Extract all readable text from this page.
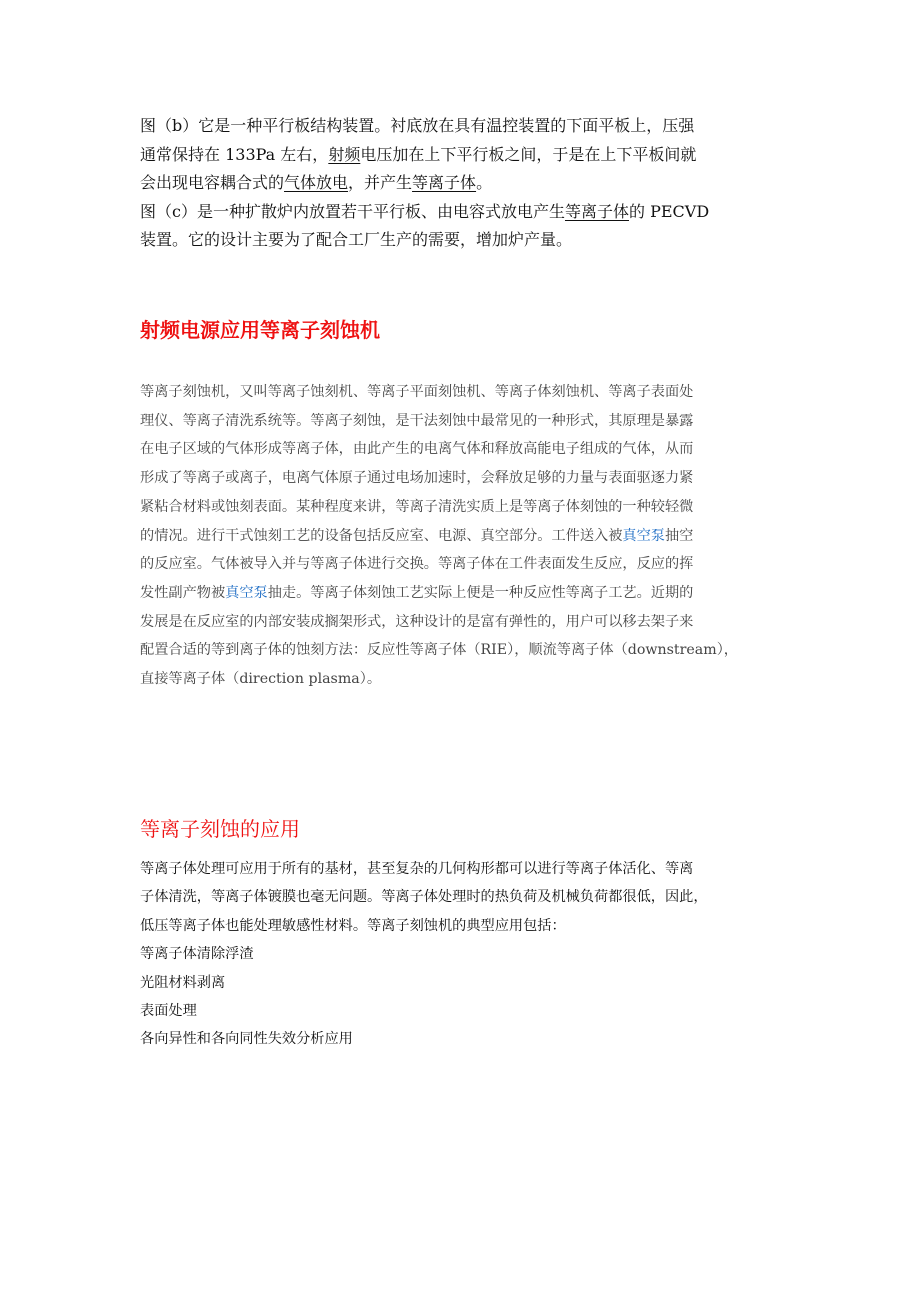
图（b）它是一种平行板结构装置。衬底放在具有温控装置的下面平板上，压强
通常保持在 133Pa 左右，射频电压加在上下平行板之间，于是在上下平板间就
会出现电容耦合式的气体放电，并产生等离子体。
图（c）是一种扩散炉内放置若干平行板、由电容式放电产生等离子体的 PECVD
装置。它的设计主要为了配合工厂生产的需要，增加炉产量。
射频电源应用等离子刻蚀机
等离子刻蚀机，又叫等离子蚀刻机、等离子平面刻蚀机、等离子体刻蚀机、等离子表面处
理仪、等离子清洗系统等。等离子刻蚀，是干法刻蚀中最常见的一种形式，其原理是暴露
在电子区域的气体形成等离子体，由此产生的电离气体和释放高能电子组成的气体，从而
形成了等离子或离子，电离气体原子通过电场加速时，会释放足够的力量与表面驱逐力紧
紧粘合材料或蚀刻表面。某种程度来讲，等离子清洗实质上是等离子体刻蚀的一种较轻微
的情况。进行干式蚀刻工艺的设备包括反应室、电源、真空部分。工件送入被真空泵抽空
的反应室。气体被导入并与等离子体进行交换。等离子体在工件表面发生反应，反应的挥
发性副产物被真空泵抽走。等离子体刻蚀工艺实际上便是一种反应性等离子工艺。近期的
发展是在反应室的内部安装成搁架形式，这种设计的是富有弹性的，用户可以移去架子来
配置合适的等到离子体的蚀刻方法：反应性等离子体（RIE），顺流等离子体（downstream），
直接等离子体（direction plasma）。
等离子刻蚀的应用
等离子体处理可应用于所有的基材，甚至复杂的几何构形都可以进行等离子体活化、等离
子体清洗，等离子体镀膜也毫无问题。等离子体处理时的热负荷及机械负荷都很低，因此，
低压等离子体也能处理敏感性材料。等离子刻蚀机的典型应用包括：
等离子体清除浮渣
光阻材料剥离
表面处理
各向异性和各向同性失效分析应用
